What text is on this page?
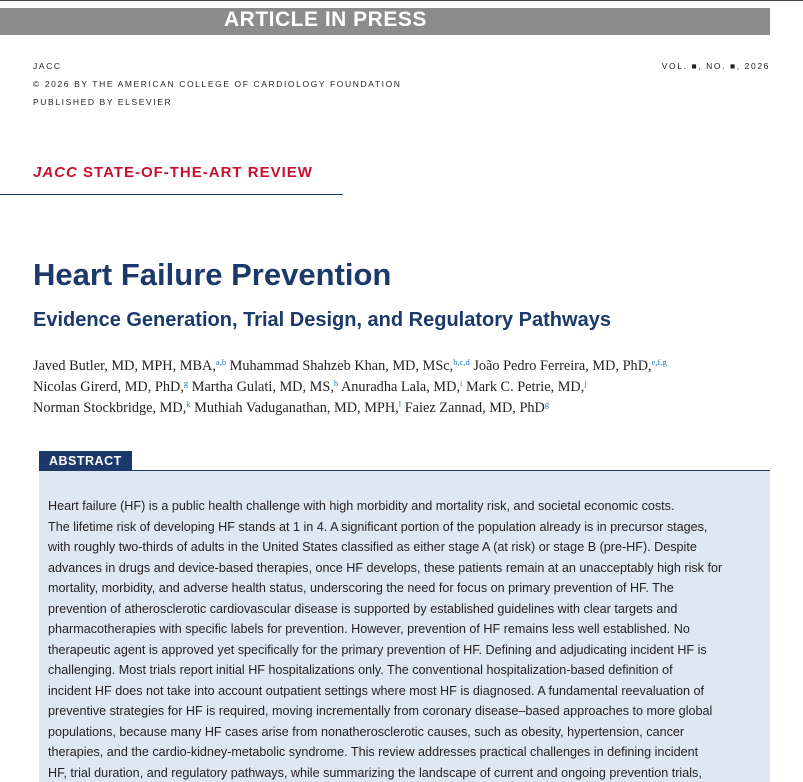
ARTICLE IN PRESS
JACC
© 2026 BY THE AMERICAN COLLEGE OF CARDIOLOGY FOUNDATION
PUBLISHED BY ELSEVIER
VOL. ■, NO. ■, 2026
JACC STATE-OF-THE-ART REVIEW
Heart Failure Prevention
Evidence Generation, Trial Design, and Regulatory Pathways
Javed Butler, MD, MPH, MBA,$^{a,b}$ Muhammad Shahzeb Khan, MD, MSc,$^{b,c,d}$ João Pedro Ferreira, MD, PhD,$^{e,f,g}$
Nicolas Girerd, MD, PhD,$^g$ Martha Gulati, MD, MS,$^h$ Anuradha Lala, MD,$^i$ Mark C. Petrie, MD,$^j$
Norman Stockbridge, MD,$^k$ Muthiah Vaduganathan, MD, MPH,$^l$ Faiez Zannad, MD, PhD$^g$
ABSTRACT
Heart failure (HF) is a public health challenge with high morbidity and mortality risk, and societal economic costs.
The lifetime risk of developing HF stands at 1 in 4. A significant portion of the population already is in precursor stages,
with roughly two-thirds of adults in the United States classified as either stage A (at risk) or stage B (pre-HF). Despite
advances in drugs and device-based therapies, once HF develops, these patients remain at an unacceptably high risk for
mortality, morbidity, and adverse health status, underscoring the need for focus on primary prevention of HF. The
prevention of atherosclerotic cardiovascular disease is supported by established guidelines with clear targets and
pharmacotherapies with specific labels for prevention. However, prevention of HF remains less well established. No
therapeutic agent is approved yet specifically for the primary prevention of HF. Defining and adjudicating incident HF is
challenging. Most trials report initial HF hospitalizations only. The conventional hospitalization-based definition of
incident HF does not take into account outpatient settings where most HF is diagnosed. A fundamental reevaluation of
preventive strategies for HF is required, moving incrementally from coronary disease–based approaches to more global
populations, because many HF cases arise from nonatherosclerotic causes, such as obesity, hypertension, cancer
therapies, and the cardio-kidney-metabolic syndrome. This review addresses practical challenges in defining incident
HF, trial duration, and regulatory pathways, while summarizing the landscape of current and ongoing prevention trials,
